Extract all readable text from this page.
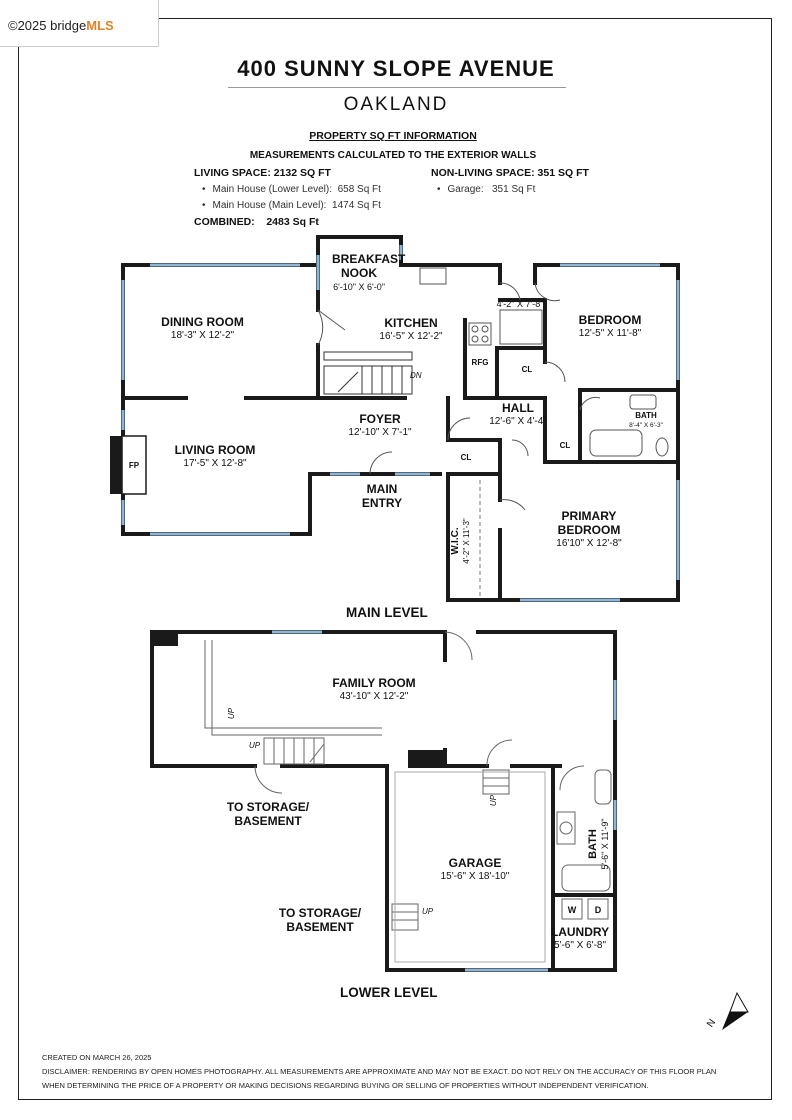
©2025 bridgeMLS
400 SUNNY SLOPE AVENUE
OAKLAND
PROPERTY SQ FT INFORMATION
MEASUREMENTS CALCULATED TO THE EXTERIOR WALLS
LIVING SPACE: 2132 SQ FT
• Main House (Lower Level): 658 Sq Ft
• Main House (Main Level): 1474 Sq Ft
COMBINED: 2483 Sq Ft
NON-LIVING SPACE: 351 SQ FT
• Garage: 351 Sq Ft
BREAKFAST NOOK
6'-10" X 6'-0"
DINING ROOM
18'-3" X 12'-2"
KITCHEN
16'-5" X 12'-2"
4'-2" X 7'-8"
BEDROOM
12'-5" X 11'-8"
RFG
CL
DN
FOYER
12'-10" X 7'-1"
HALL
12'-6" X 4'-4"
BATH
8'-4" X 6'-3"
CL
CL
LIVING ROOM
17'-5" X 12'-8"
FP
MAIN ENTRY
W.I.C. 4'-2" X 11'-3"
PRIMARY BEDROOM
16'10" X 12'-8"
MAIN LEVEL
FAMILY ROOM
43'-10" X 12'-2"
UP
UP
UP
UP
TO STORAGE/ BASEMENT
TO STORAGE/ BASEMENT
GARAGE
15'-6" X 18'-10"
BATH 5'-6" X 11'-9"
W	D
LAUNDRY
5'-6" X 6'-8"
LOWER LEVEL
N
CREATED ON MARCH 26, 2025
DISCLAIMER: RENDERING BY OPEN HOMES PHOTOGRAPHY. ALL MEASUREMENTS ARE APPROXIMATE AND MAY NOT BE EXACT. DO NOT RELY ON THE ACCURACY OF THIS FLOOR PLAN
WHEN DETERMINING THE PRICE OF A PROPERTY OR MAKING DECISIONS REGARDING BUYING OR SELLING OF PROPERTIES WITHOUT INDEPENDENT VERIFICATION.
